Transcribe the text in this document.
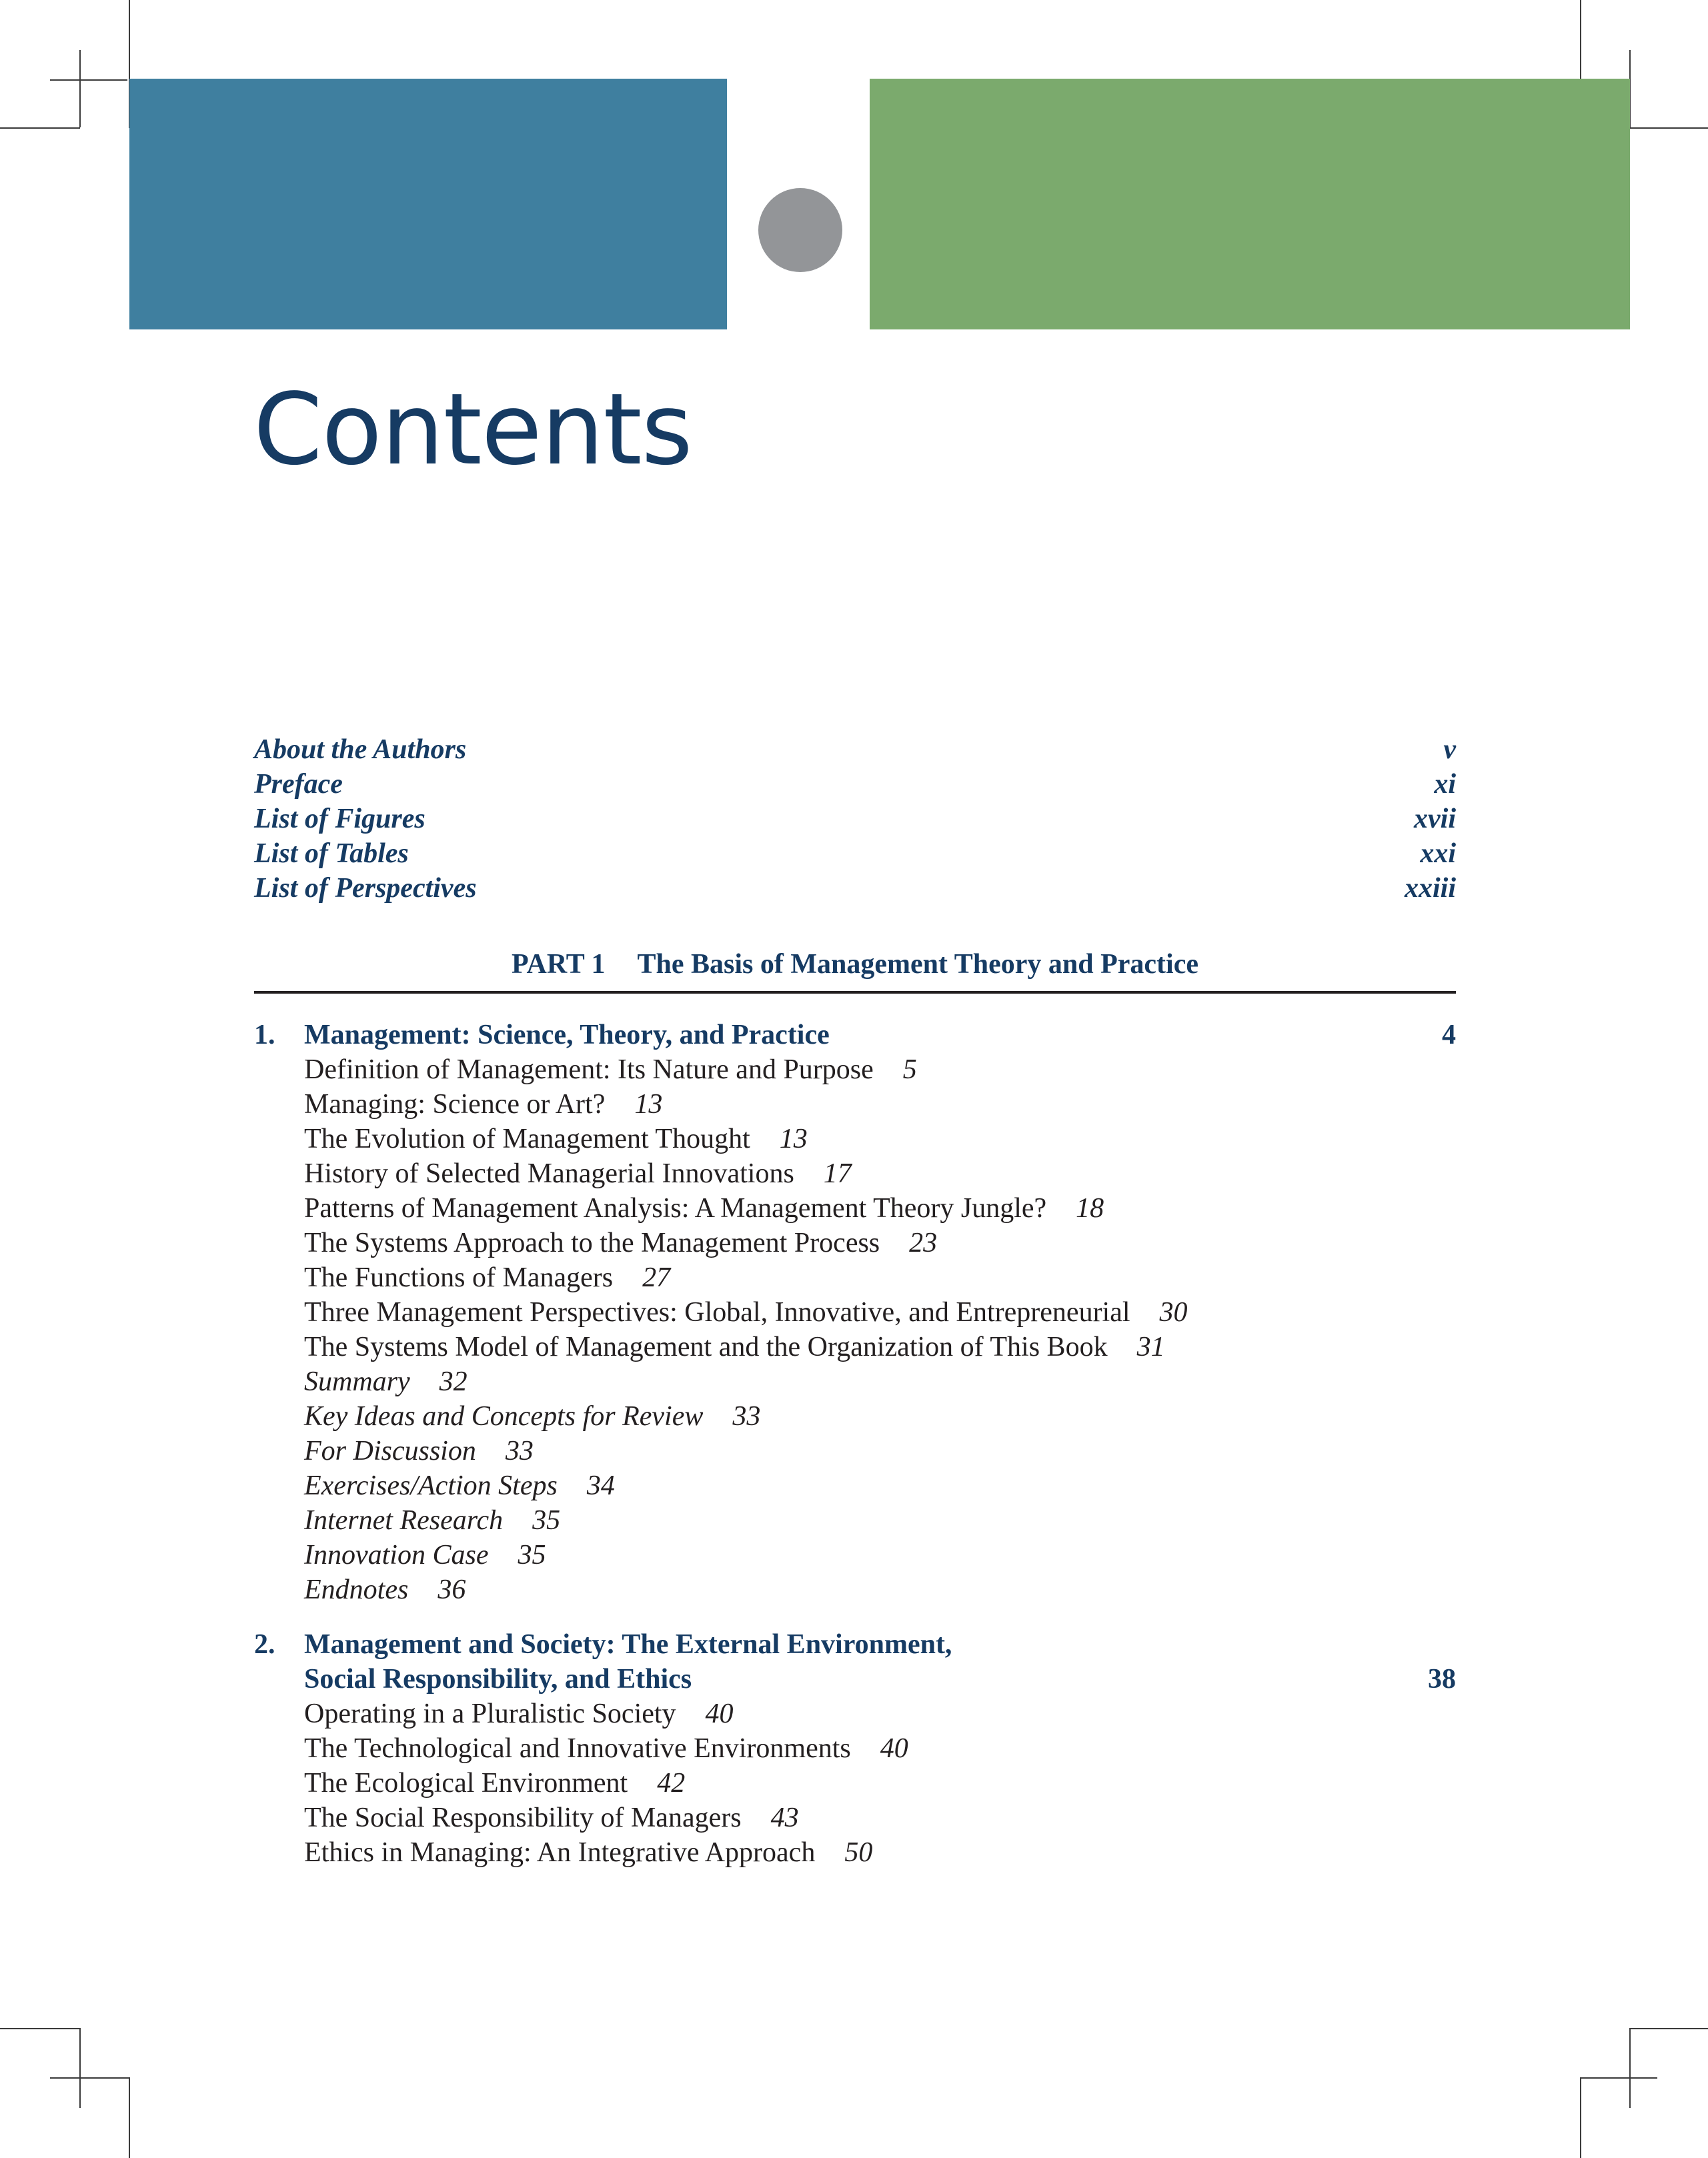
Contents
About the Authors	v
Preface	xi
List of Figures	xvii
List of Tables	xxi
List of Perspectives	xxiii
PART 1 The Basis of Management Theory and Practice
1.	Management: Science, Theory, and Practice	4
Definition of Management: Its Nature and Purpose 5
Managing: Science or Art? 13
The Evolution of Management Thought 13
History of Selected Managerial Innovations 17
Patterns of Management Analysis: A Management Theory Jungle? 18
The Systems Approach to the Management Process 23
The Functions of Managers 27
Three Management Perspectives: Global, Innovative, and Entrepreneurial 30
The Systems Model of Management and the Organization of This Book 31
Summary 32
Key Ideas and Concepts for Review 33
For Discussion 33
Exercises/Action Steps 34
Internet Research 35
Innovation Case 35
Endnotes 36
2.	Management and Society: The External Environment,
Social Responsibility, and Ethics	38
Operating in a Pluralistic Society 40
The Technological and Innovative Environments 40
The Ecological Environment 42
The Social Responsibility of Managers 43
Ethics in Managing: An Integrative Approach 50
